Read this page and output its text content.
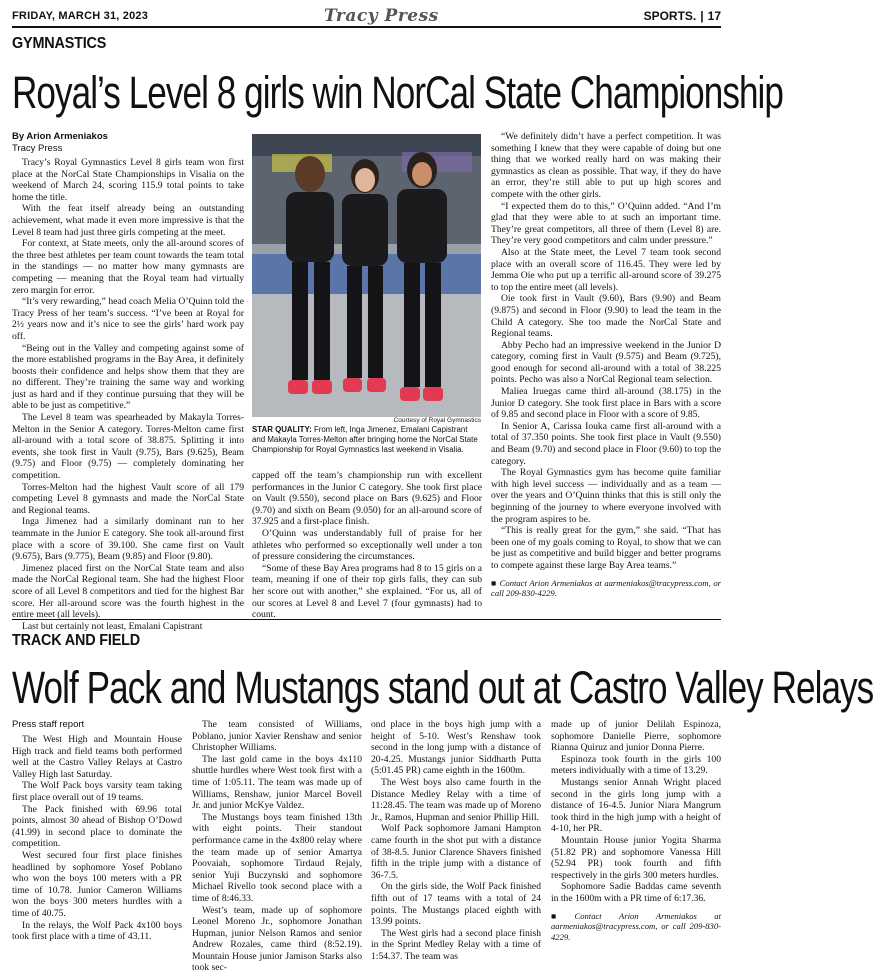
FRIDAY, MARCH 31, 2023	Tracy Press	SPORTS. | 17
GYMNASTICS
Royal’s Level 8 girls win NorCal State Championship
By Arion Armeniakos
Tracy Press

Tracy’s Royal Gymnastics Level 8 girls team won first place at the NorCal State Championships in Visalia on the weekend of March 24, scoring 115.9 total points to take home the title.

With the feat itself already being an outstanding achievement, what made it even more impressive is that the Level 8 team had just three girls competing at the meet.

For context, at State meets, only the all-around scores of the three best athletes per team count towards the team total in the standings — no matter how many gymnasts are competing — meaning that the Royal team had virtually zero margin for error.

“It’s very rewarding,” head coach Melia O’Quinn told the Tracy Press of her team’s success. “I’ve been at Royal for 2½ years now and it’s nice to see the girls’ hard work pay off.

“Being out in the Valley and competing against some of the more established programs in the Bay Area, it definitely boosts their confidence and helps show them that they are no different. They’re training the same way and working just as hard and if they continue pursuing that they will be able to be just as competitive.”

The Level 8 team was spearheaded by Makayla Torres-Melton in the Senior A category. Torres-Melton came first all-around with a total score of 38.875. Splitting it into events, she took first in Vault (9.75), Bars (9.625), Beam (9.75) and Floor (9.75) — completely dominating her competition.

Torres-Melton had the highest Vault score of all 179 competing Level 8 gymnasts and made the NorCal State and Regional teams.

Inga Jimenez had a similarly dominant run to her teammate in the Junior E category. She took all-around first place with a score of 39.100. She came first on Vault (9.675), Bars (9.775), Beam (9.85) and Floor (9.80).

Jimenez placed first on the NorCal State team and also made the NorCal Regional team. She had the highest Floor score of all Level 8 competitors and tied for the highest Bar score. Her all-around score was the fourth highest in the entire meet (all levels).

Last but certainly not least, Emalani Capistrant

Courtesy of Royal Gymnastics
STAR QUALITY: From left, Inga Jimenez, Emalani Capistrant and Makayla Torres-Melton after bringing home the NorCal State Championship for Royal Gymnastics last weekend in Visalia.

capped off the team’s championship run with excellent performances in the Junior C category. She took first place on Vault (9.550), second place on Bars (9.625) and Floor (9.70) and sixth on Beam (9.050) for an all-around score of 37.925 and a first-place finish.

O’Quinn was understandably full of praise for her athletes who performed so exceptionally well under a ton of pressure considering the circumstances.

“Some of these Bay Area programs had 8 to 15 girls on a team, meaning if one of their top girls falls, they can sub her score out with another,” she explained. “For us, all of our scores at Level 8 and Level 7 (four gymnasts) had to count.

“We definitely didn’t have a perfect competition. It was something I knew that they were capable of doing but one thing that we worked really hard on was making their gymnastics as clean as possible. That way, if they do have an error, they’re still able to put up high scores and compete with the other girls.

“I expected them do to this,” O’Quinn added. “And I’m glad that they were able to at such an important time. They’re great competitors, all three of them (Level 8) are. They’re very good competitors and calm under pressure.”

Also at the State meet, the Level 7 team took second place with an overall score of 116.45. They were led by Jemma Oie who put up a terrific all-around score of 39.275 to top the entire meet (all levels).

Oie took first in Vault (9.60), Bars (9.90) and Beam (9.875) and second in Floor (9.90) to lead the team in the Child A category. She too made the NorCal State and Regional teams.

Abby Pecho had an impressive weekend in the Junior D category, coming first in Vault (9.575) and Beam (9.725), good enough for second all-around with a total of 38.225 points. Pecho was also a NorCal Regional team selection.

Maliea Iruegas came third all-around (38.175) in the Junior D category. She took first place in Bars with a score of 9.85 and second place in Floor with a score of 9.85.

In Senior A, Carissa Iouka came first all-around with a total of 37.350 points. She took first place in Vault (9.550) and Beam (9.70) and second place in Floor (9.60) to top the category.

The Royal Gymnastics gym has become quite familiar with high level success — individually and as a team — over the years and O’Quinn thinks that this is still only the beginning of the journey to where everyone involved with the program aspires to be.

“This is really great for the gym,” she said. “That has been one of my goals coming to Royal, to show that we can be just as competitive and build bigger and better programs to compete against these large Bay Area teams.”

■ Contact Arion Armeniakos at aarmeniakos@tracypress.com, or call 209-830-4229.

TRACK AND FIELD
Wolf Pack and Mustangs stand out at Castro Valley Relays
Press staff report

The West High and Mountain House High track and field teams both performed well at the Castro Valley Relays at Castro Valley High last Saturday.

The Wolf Pack boys varsity team taking first place overall out of 19 teams.

The Pack finished with 69.96 total points, almost 30 ahead of Bishop O’Dowd (41.99) in second place to dominate the competition.

West secured four first place finishes headlined by sophomore Yosef Poblano who won the boys 100 meters with a PR time of 10.78. Junior Cameron Williams won the boys 300 meters hurdles with a time of 40.75.

In the relays, the Wolf Pack 4x100 boys took first place with a time of 43.11.

The team consisted of Williams, Poblano, junior Xavier Renshaw and senior Christopher Williams.

The last gold came in the boys 4x110 shuttle hurdles where West took first with a time of 1:05.11. The team was made up of Williams, Renshaw, junior Marcel Bovell Jr. and junior McKye Valdez.

The Mustangs boys team finished 13th with eight points. Their standout performance came in the 4x800 relay where the team made up of senior Amartya Poovaiah, sophomore Tirdaud Rejaly, senior Yuji Buczynski and sophomore Michael Rivello took second place with a time of 8:46.33.

West’s team, made up of sophomore Leonel Moreno Jr., sophomore Jonathan Hupman, junior Nelson Ramos and senior Andrew Rozales, came third (8:52.19). Mountain House junior Jamison Starks also took sec-

ond place in the boys high jump with a height of 5-10. West’s Renshaw took second in the long jump with a distance of 20-4.25. Mustangs junior Siddharth Putta (5:01.45 PR) came eighth in the 1600m.

The West boys also came fourth in the Distance Medley Relay with a time of 11:28.45. The team was made up of Moreno Jr., Ramos, Hupman and senior Phillip Hill.

Wolf Pack sophomore Jamani Hampton came fourth in the shot put with a distance of 38-8.5. Junior Clarence Shavers finished fifth in the triple jump with a distance of 36-7.5.

On the girls side, the Wolf Pack finished fifth out of 17 teams with a total of 24 points. The Mustangs placed eighth with 13.99 points.

The West girls had a second place finish in the Sprint Medley Relay with a time of 1:54.37. The team was

made up of junior Delilah Espinoza, sophomore Danielle Pierre, sophomore Rianna Quiruz and junior Donna Pierre.

Espinoza took fourth in the girls 100 meters individually with a time of 13.29.

Mustangs senior Annah Wright placed second in the girls long jump with a distance of 16-4.5. Junior Niara Mangrum took third in the high jump with a height of 4-10, her PR.

Mountain House junior Yogita Sharma (51.82 PR) and sophomore Vanessa Hill (52.94 PR) took fourth and fifth respectively in the girls 300 meters hurdles.

Sophomore Sadie Baddas came seventh in the 1600m with a PR time of 6:17.36.

■ Contact Arion Armeniakos at aarmeniakos@tracypress.com, or call 209-830-4229.
